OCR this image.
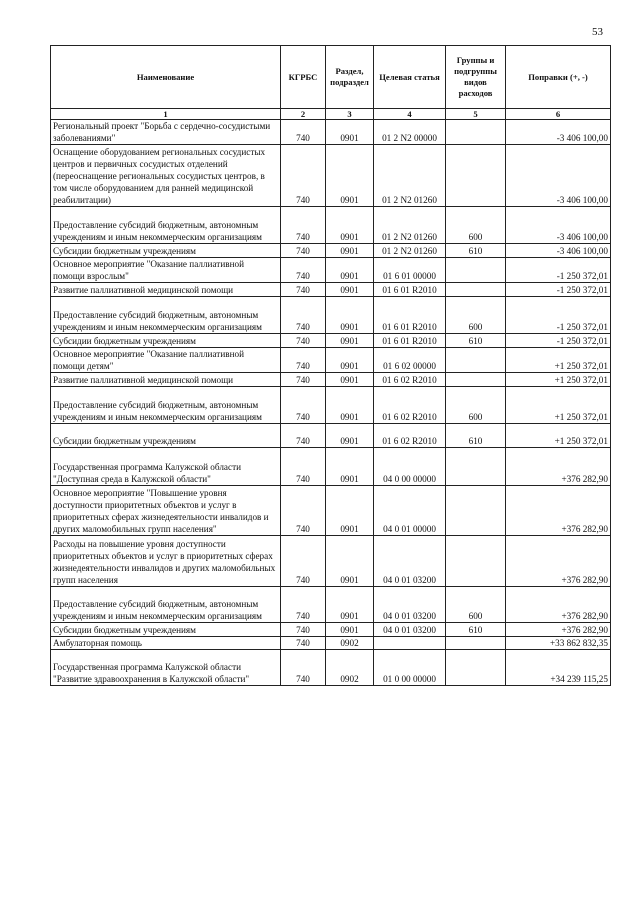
53
Наименование	КГРБС	Раздел, подраздел	Целевая статья	Группы и подгруппы видов расходов	Поправки (+, -)
1	2	3	4	5	6
Региональный проект "Борьба с сердечно-сосудистыми заболеваниями"	740	0901	01 2 N2 00000		-3 406 100,00
Оснащение оборудованием региональных сосудистых центров и первичных сосудистых отделений (переоснащение региональных сосудистых центров, в том числе оборудованием для ранней медицинской реабилитации)	740	0901	01 2 N2 01260		-3 406 100,00
Предоставление субсидий бюджетным, автономным учреждениям и иным некоммерческим организациям	740	0901	01 2 N2 01260	600	-3 406 100,00
Субсидии бюджетным учреждениям	740	0901	01 2 N2 01260	610	-3 406 100,00
Основное мероприятие "Оказание паллиативной помощи взрослым"	740	0901	01 6 01 00000		-1 250 372,01
Развитие паллиативной медицинской помощи	740	0901	01 6 01 R2010		-1 250 372,01
Предоставление субсидий бюджетным, автономным учреждениям и иным некоммерческим организациям	740	0901	01 6 01 R2010	600	-1 250 372,01
Субсидии бюджетным учреждениям	740	0901	01 6 01 R2010	610	-1 250 372,01
Основное мероприятие "Оказание паллиативной помощи детям"	740	0901	01 6 02 00000		+1 250 372,01
Развитие паллиативной медицинской помощи	740	0901	01 6 02 R2010		+1 250 372,01
Предоставление субсидий бюджетным, автономным учреждениям и иным некоммерческим организациям	740	0901	01 6 02 R2010	600	+1 250 372,01
Субсидии бюджетным учреждениям	740	0901	01 6 02 R2010	610	+1 250 372,01
Государственная программа Калужской области "Доступная среда в Калужской области"	740	0901	04 0 00 00000		+376 282,90
Основное мероприятие "Повышение уровня доступности приоритетных объектов и услуг в приоритетных сферах жизнедеятельности инвалидов и других маломобильных групп населения"	740	0901	04 0 01 00000		+376 282,90
Расходы на повышение уровня доступности приоритетных объектов и услуг в приоритетных сферах жизнедеятельности инвалидов и других маломобильных групп населения	740	0901	04 0 01 03200		+376 282,90
Предоставление субсидий бюджетным, автономным учреждениям и иным некоммерческим организациям	740	0901	04 0 01 03200	600	+376 282,90
Субсидии бюджетным учреждениям	740	0901	04 0 01 03200	610	+376 282,90
Амбулаторная помощь	740	0902			+33 862 832,35
Государственная программа Калужской области "Развитие здравоохранения в Калужской области"	740	0902	01 0 00 00000		+34 239 115,25
